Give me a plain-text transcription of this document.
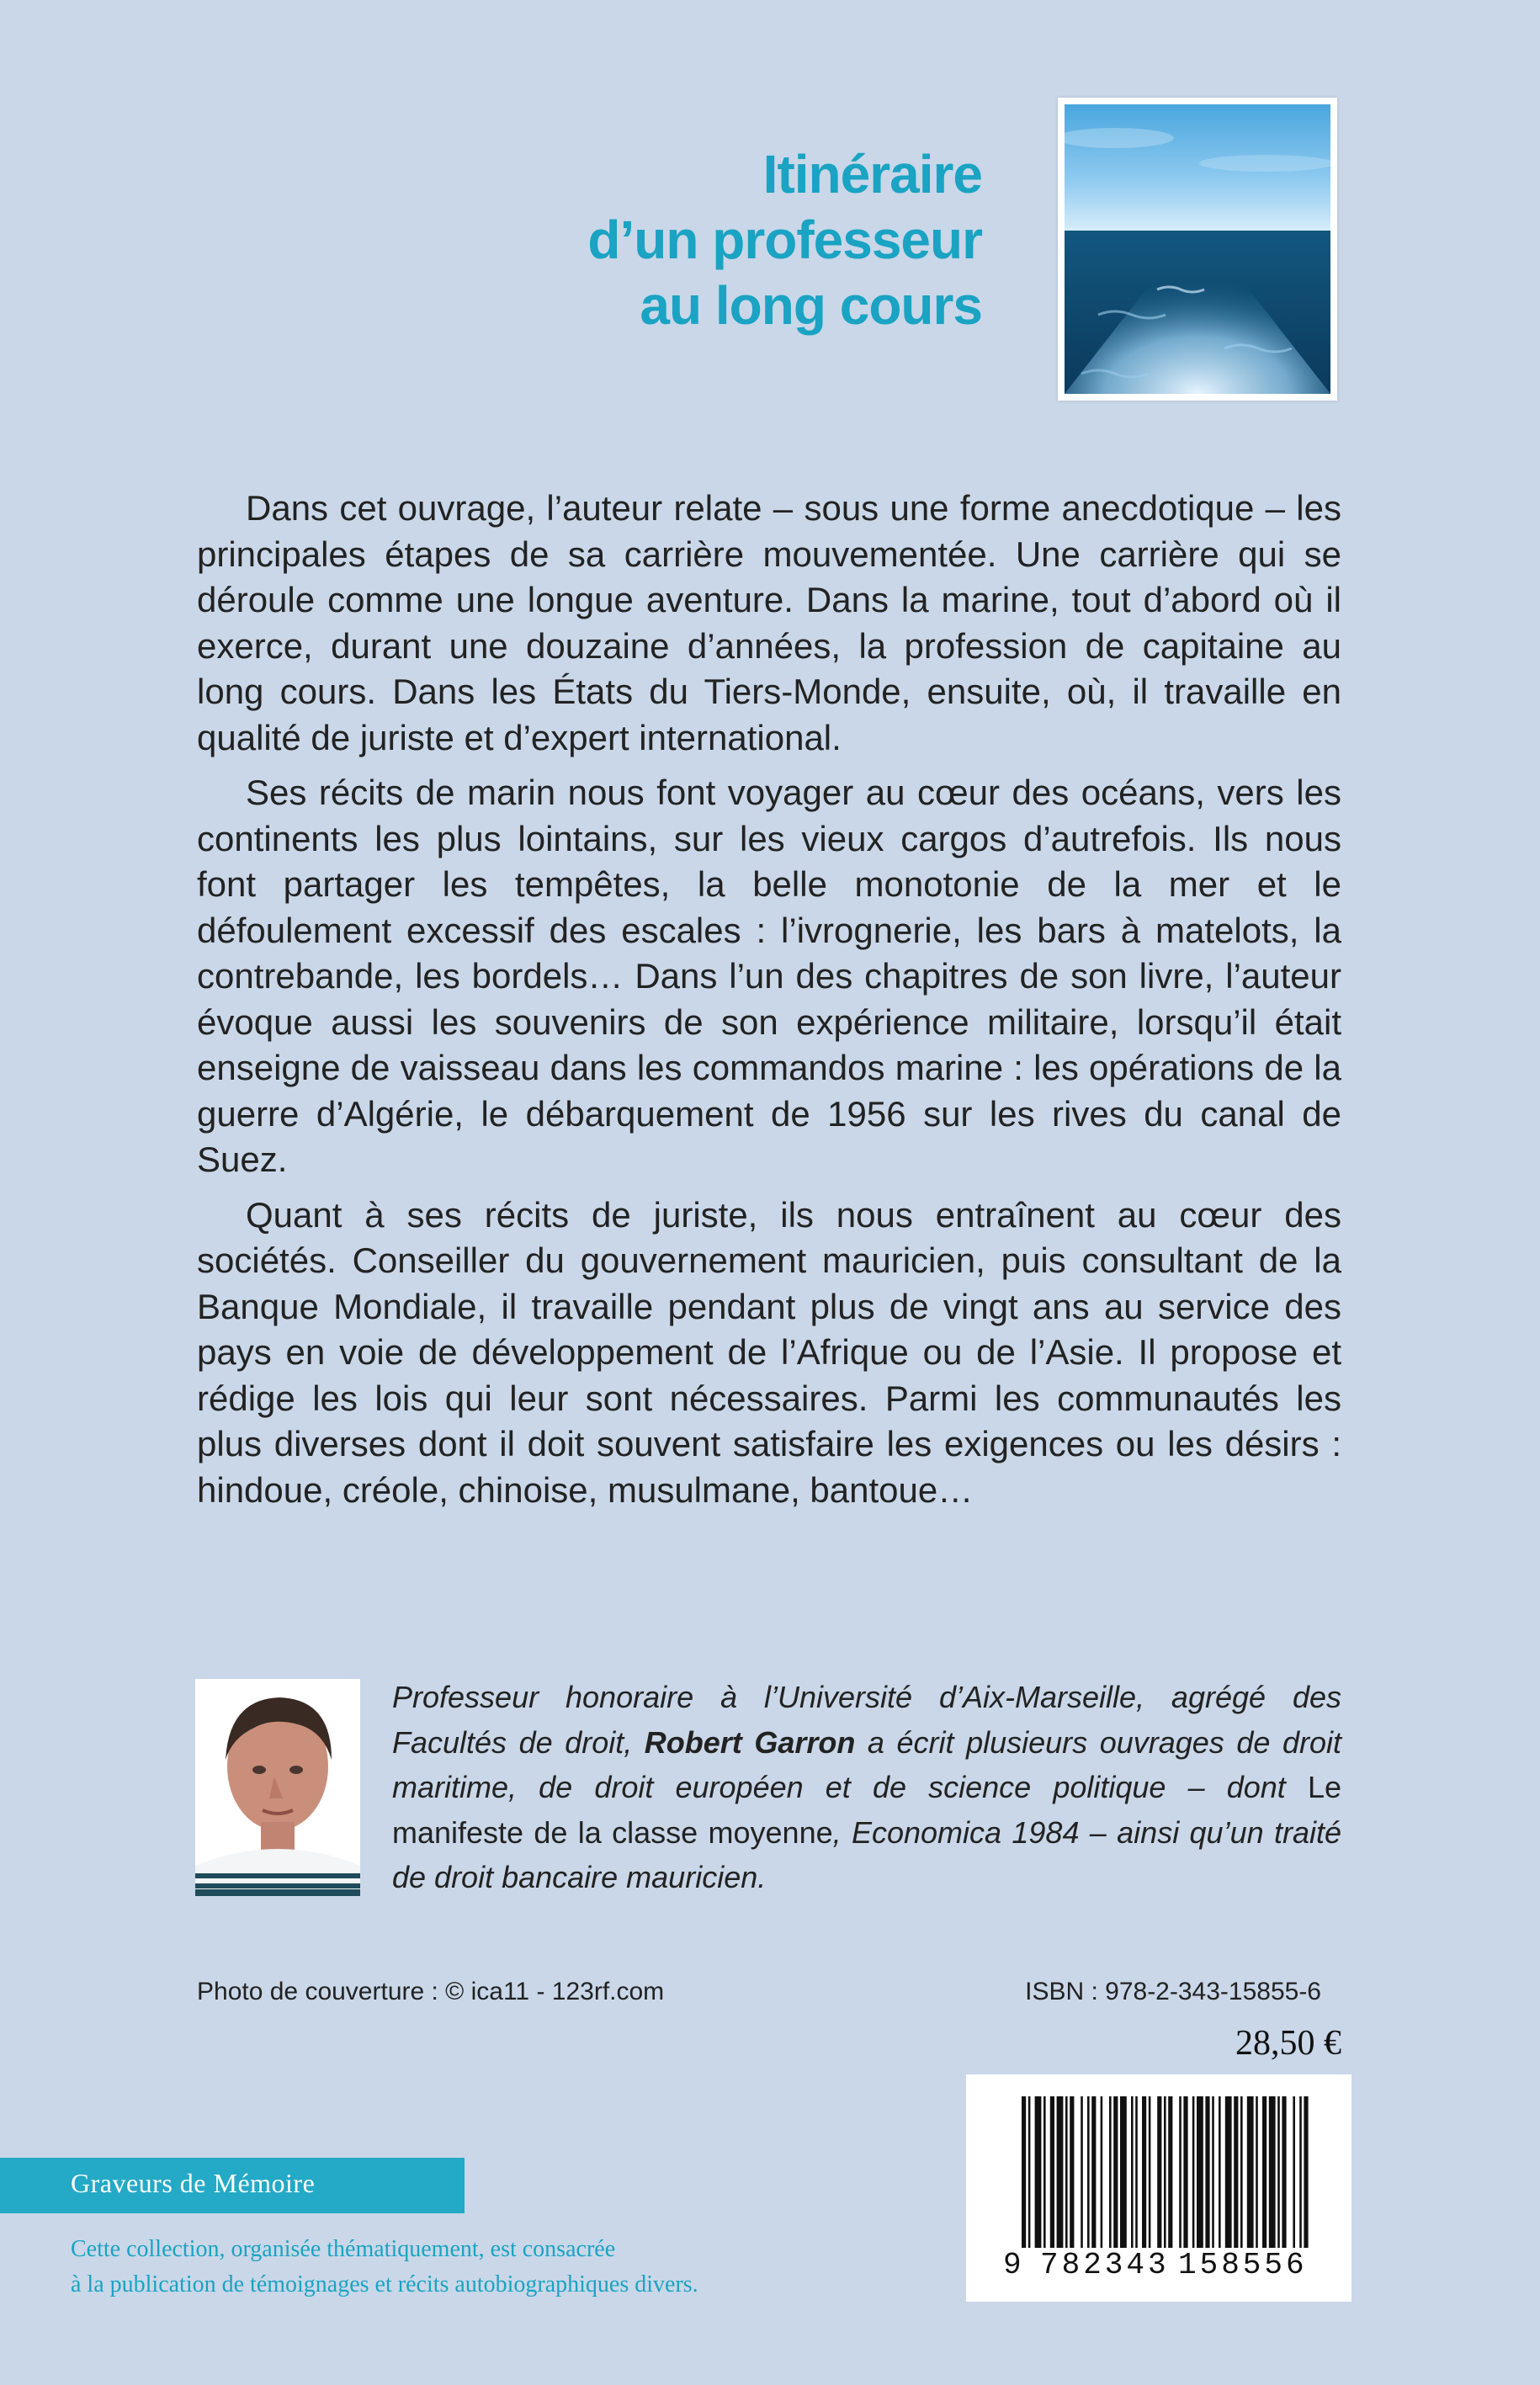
Itinéraire
d’un professeur
au long cours

Dans cet ouvrage, l’auteur relate – sous une forme anecdotique – les principales étapes de sa carrière mouvementée. Une carrière qui se déroule comme une longue aventure. Dans la marine, tout d’abord où il exerce, durant une douzaine d’années, la profession de capitaine au long cours. Dans les États du Tiers-Monde, ensuite, où, il travaille en qualité de juriste et d’expert international.

Ses récits de marin nous font voyager au cœur des océans, vers les continents les plus lointains, sur les vieux cargos d’autrefois. Ils nous font partager les tempêtes, la belle monotonie de la mer et le défoulement excessif des escales : l’ivrognerie, les bars à matelots, la contrebande, les bordels… Dans l’un des chapitres de son livre, l’auteur évoque aussi les souvenirs de son expérience militaire, lorsqu’il était enseigne de vaisseau dans les commandos marine : les opérations de la guerre d’Algérie, le débarquement de 1956 sur les rives du canal de Suez.

Quant à ses récits de juriste, ils nous entraînent au cœur des sociétés. Conseiller du gouvernement mauricien, puis consultant de la Banque Mondiale, il travaille pendant plus de vingt ans au service des pays en voie de développement de l’Afrique ou de l’Asie. Il propose et rédige les lois qui leur sont nécessaires. Parmi les communautés les plus diverses dont il doit souvent satisfaire les exigences ou les désirs : hindoue, créole, chinoise, musulmane, bantoue…

Professeur honoraire à l’Université d’Aix-Marseille, agrégé des Facultés de droit, Robert Garron a écrit plusieurs ouvrages de droit maritime, de droit européen et de science politique – dont Le manifeste de la classe moyenne, Economica 1984 – ainsi qu’un traité de droit bancaire mauricien.
Photo de couverture : © ica11 - 123rf.com	ISBN : 978-2-343-15855-6
28,50 €
9 782343 158556
Graveurs de Mémoire
Cette collection, organisée thématiquement, est consacrée
à la publication de témoignages et récits autobiographiques divers.
